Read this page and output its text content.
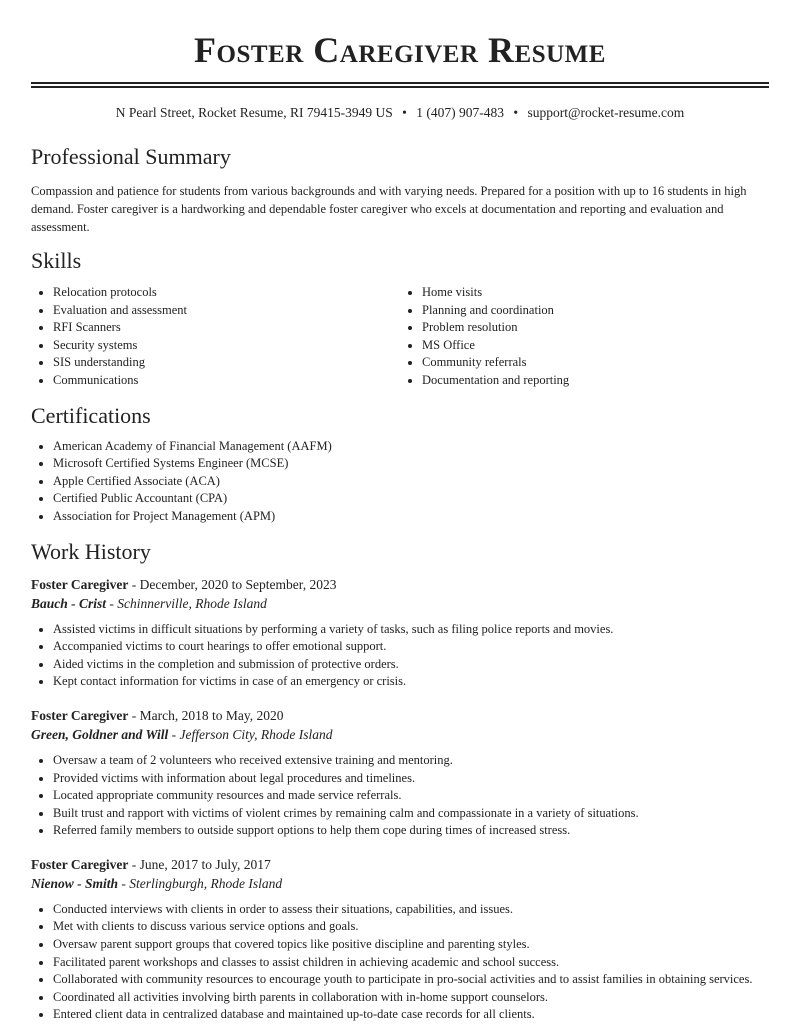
Foster Caregiver Resume
N Pearl Street, Rocket Resume, RI 79415-3949 US • 1 (407) 907-483 • support@rocket-resume.com
Professional Summary
Compassion and patience for students from various backgrounds and with varying needs. Prepared for a position with up to 16 students in high demand. Foster caregiver is a hardworking and dependable foster caregiver who excels at documentation and reporting and evaluation and assessment.
Skills
• Relocation protocols
• Evaluation and assessment
• RFI Scanners
• Security systems
• SIS understanding
• Communications
• Home visits
• Planning and coordination
• Problem resolution
• MS Office
• Community referrals
• Documentation and reporting
Certifications
• American Academy of Financial Management (AAFM)
• Microsoft Certified Systems Engineer (MCSE)
• Apple Certified Associate (ACA)
• Certified Public Accountant (CPA)
• Association for Project Management (APM)
Work History
Foster Caregiver - December, 2020 to September, 2023
Bauch - Crist - Schinnerville, Rhode Island
• Assisted victims in difficult situations by performing a variety of tasks, such as filing police reports and movies.
• Accompanied victims to court hearings to offer emotional support.
• Aided victims in the completion and submission of protective orders.
• Kept contact information for victims in case of an emergency or crisis.
Foster Caregiver - March, 2018 to May, 2020
Green, Goldner and Will - Jefferson City, Rhode Island
• Oversaw a team of 2 volunteers who received extensive training and mentoring.
• Provided victims with information about legal procedures and timelines.
• Located appropriate community resources and made service referrals.
• Built trust and rapport with victims of violent crimes by remaining calm and compassionate in a variety of situations.
• Referred family members to outside support options to help them cope during times of increased stress.
Foster Caregiver - June, 2017 to July, 2017
Nienow - Smith - Sterlingburgh, Rhode Island
• Conducted interviews with clients in order to assess their situations, capabilities, and issues.
• Met with clients to discuss various service options and goals.
• Oversaw parent support groups that covered topics like positive discipline and parenting styles.
• Facilitated parent workshops and classes to assist children in achieving academic and school success.
• Collaborated with community resources to encourage youth to participate in pro-social activities and to assist families in obtaining services.
• Coordinated all activities involving birth parents in collaboration with in-home support counselors.
• Entered client data in centralized database and maintained up-to-date case records for all clients.
